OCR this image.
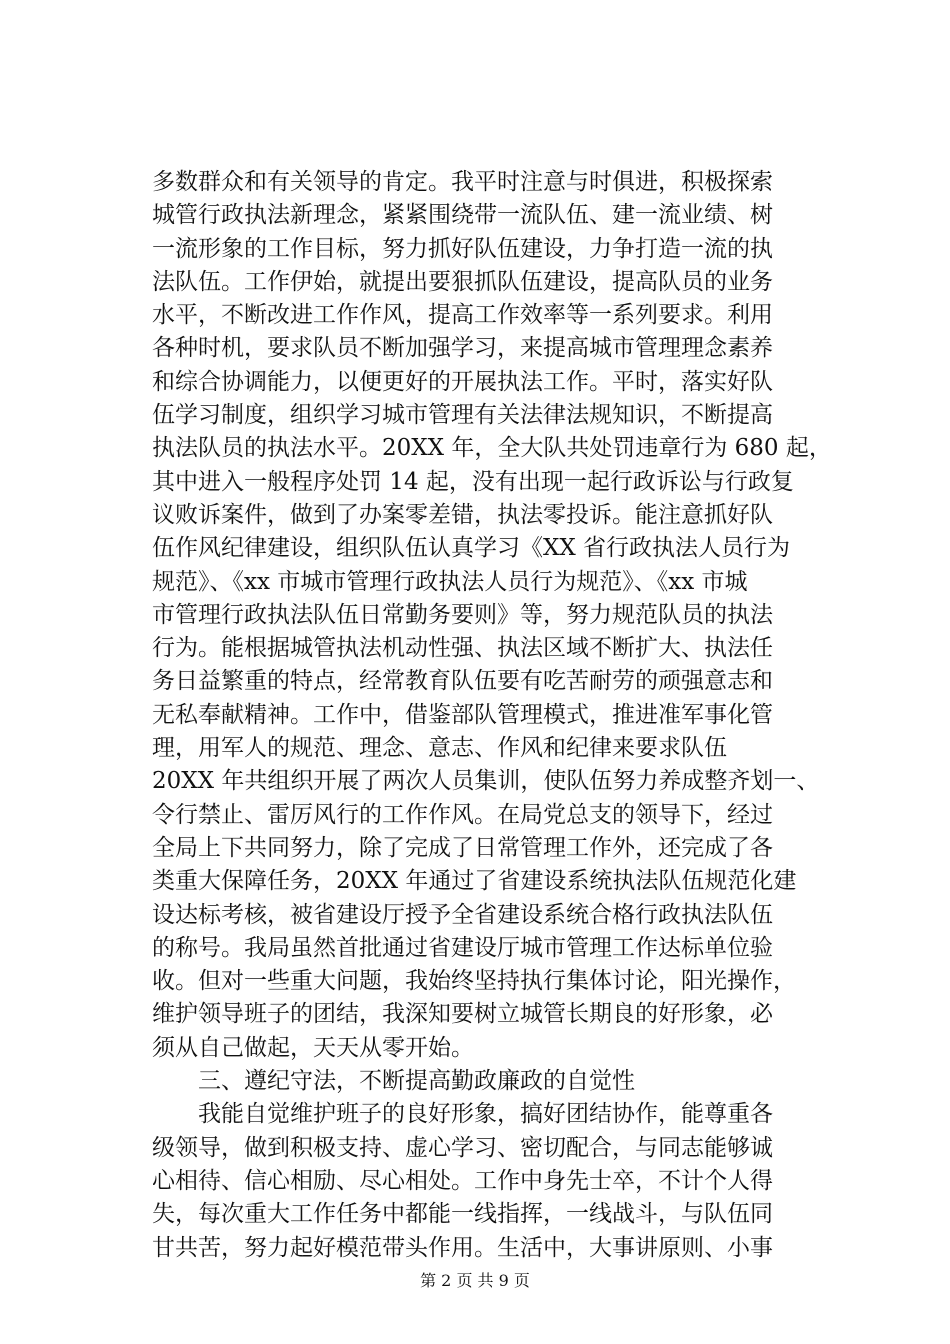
多数群众和有关领导的肯定。我平时注意与时俱进，积极探索
城管行政执法新理念，紧紧围绕带一流队伍、建一流业绩、树
一流形象的工作目标，努力抓好队伍建设，力争打造一流的执
法队伍。工作伊始，就提出要狠抓队伍建设，提高队员的业务
水平，不断改进工作作风，提高工作效率等一系列要求。利用
各种时机，要求队员不断加强学习，来提高城市管理理念素养
和综合协调能力，以便更好的开展执法工作。平时，落实好队
伍学习制度，组织学习城市管理有关法律法规知识，不断提高
执法队员的执法水平。20XX 年，全大队共处罚违章行为 680 起，
其中进入一般程序处罚 14 起，没有出现一起行政诉讼与行政复
议败诉案件，做到了办案零差错，执法零投诉。能注意抓好队
伍作风纪律建设，组织队伍认真学习《XX 省行政执法人员行为
规范》、《xx 市城市管理行政执法人员行为规范》、《xx 市城
市管理行政执法队伍日常勤务要则》等，努力规范队员的执法
行为。能根据城管执法机动性强、执法区域不断扩大、执法任
务日益繁重的特点，经常教育队伍要有吃苦耐劳的顽强意志和
无私奉献精神。工作中，借鉴部队管理模式，推进准军事化管
理，用军人的规范、理念、意志、作风和纪律来要求队伍
20XX 年共组织开展了两次人员集训，使队伍努力养成整齐划一、
令行禁止、雷厉风行的工作作风。在局党总支的领导下，经过
全局上下共同努力，除了完成了日常管理工作外，还完成了各
类重大保障任务，20XX 年通过了省建设系统执法队伍规范化建
设达标考核，被省建设厅授予全省建设系统合格行政执法队伍
的称号。我局虽然首批通过省建设厅城市管理工作达标单位验
收。但对一些重大问题，我始终坚持执行集体讨论，阳光操作，
维护领导班子的团结，我深知要树立城管长期良的好形象，必
须从自己做起，天天从零开始。
　　三、遵纪守法，不断提高勤政廉政的自觉性
　　我能自觉维护班子的良好形象，搞好团结协作，能尊重各
级领导，做到积极支持、虚心学习、密切配合，与同志能够诚
心相待、信心相励、尽心相处。工作中身先士卒，不计个人得
失，每次重大工作任务中都能一线指挥，一线战斗，与队伍同
甘共苦，努力起好模范带头作用。生活中，大事讲原则、小事
第 2 页 共 9 页
